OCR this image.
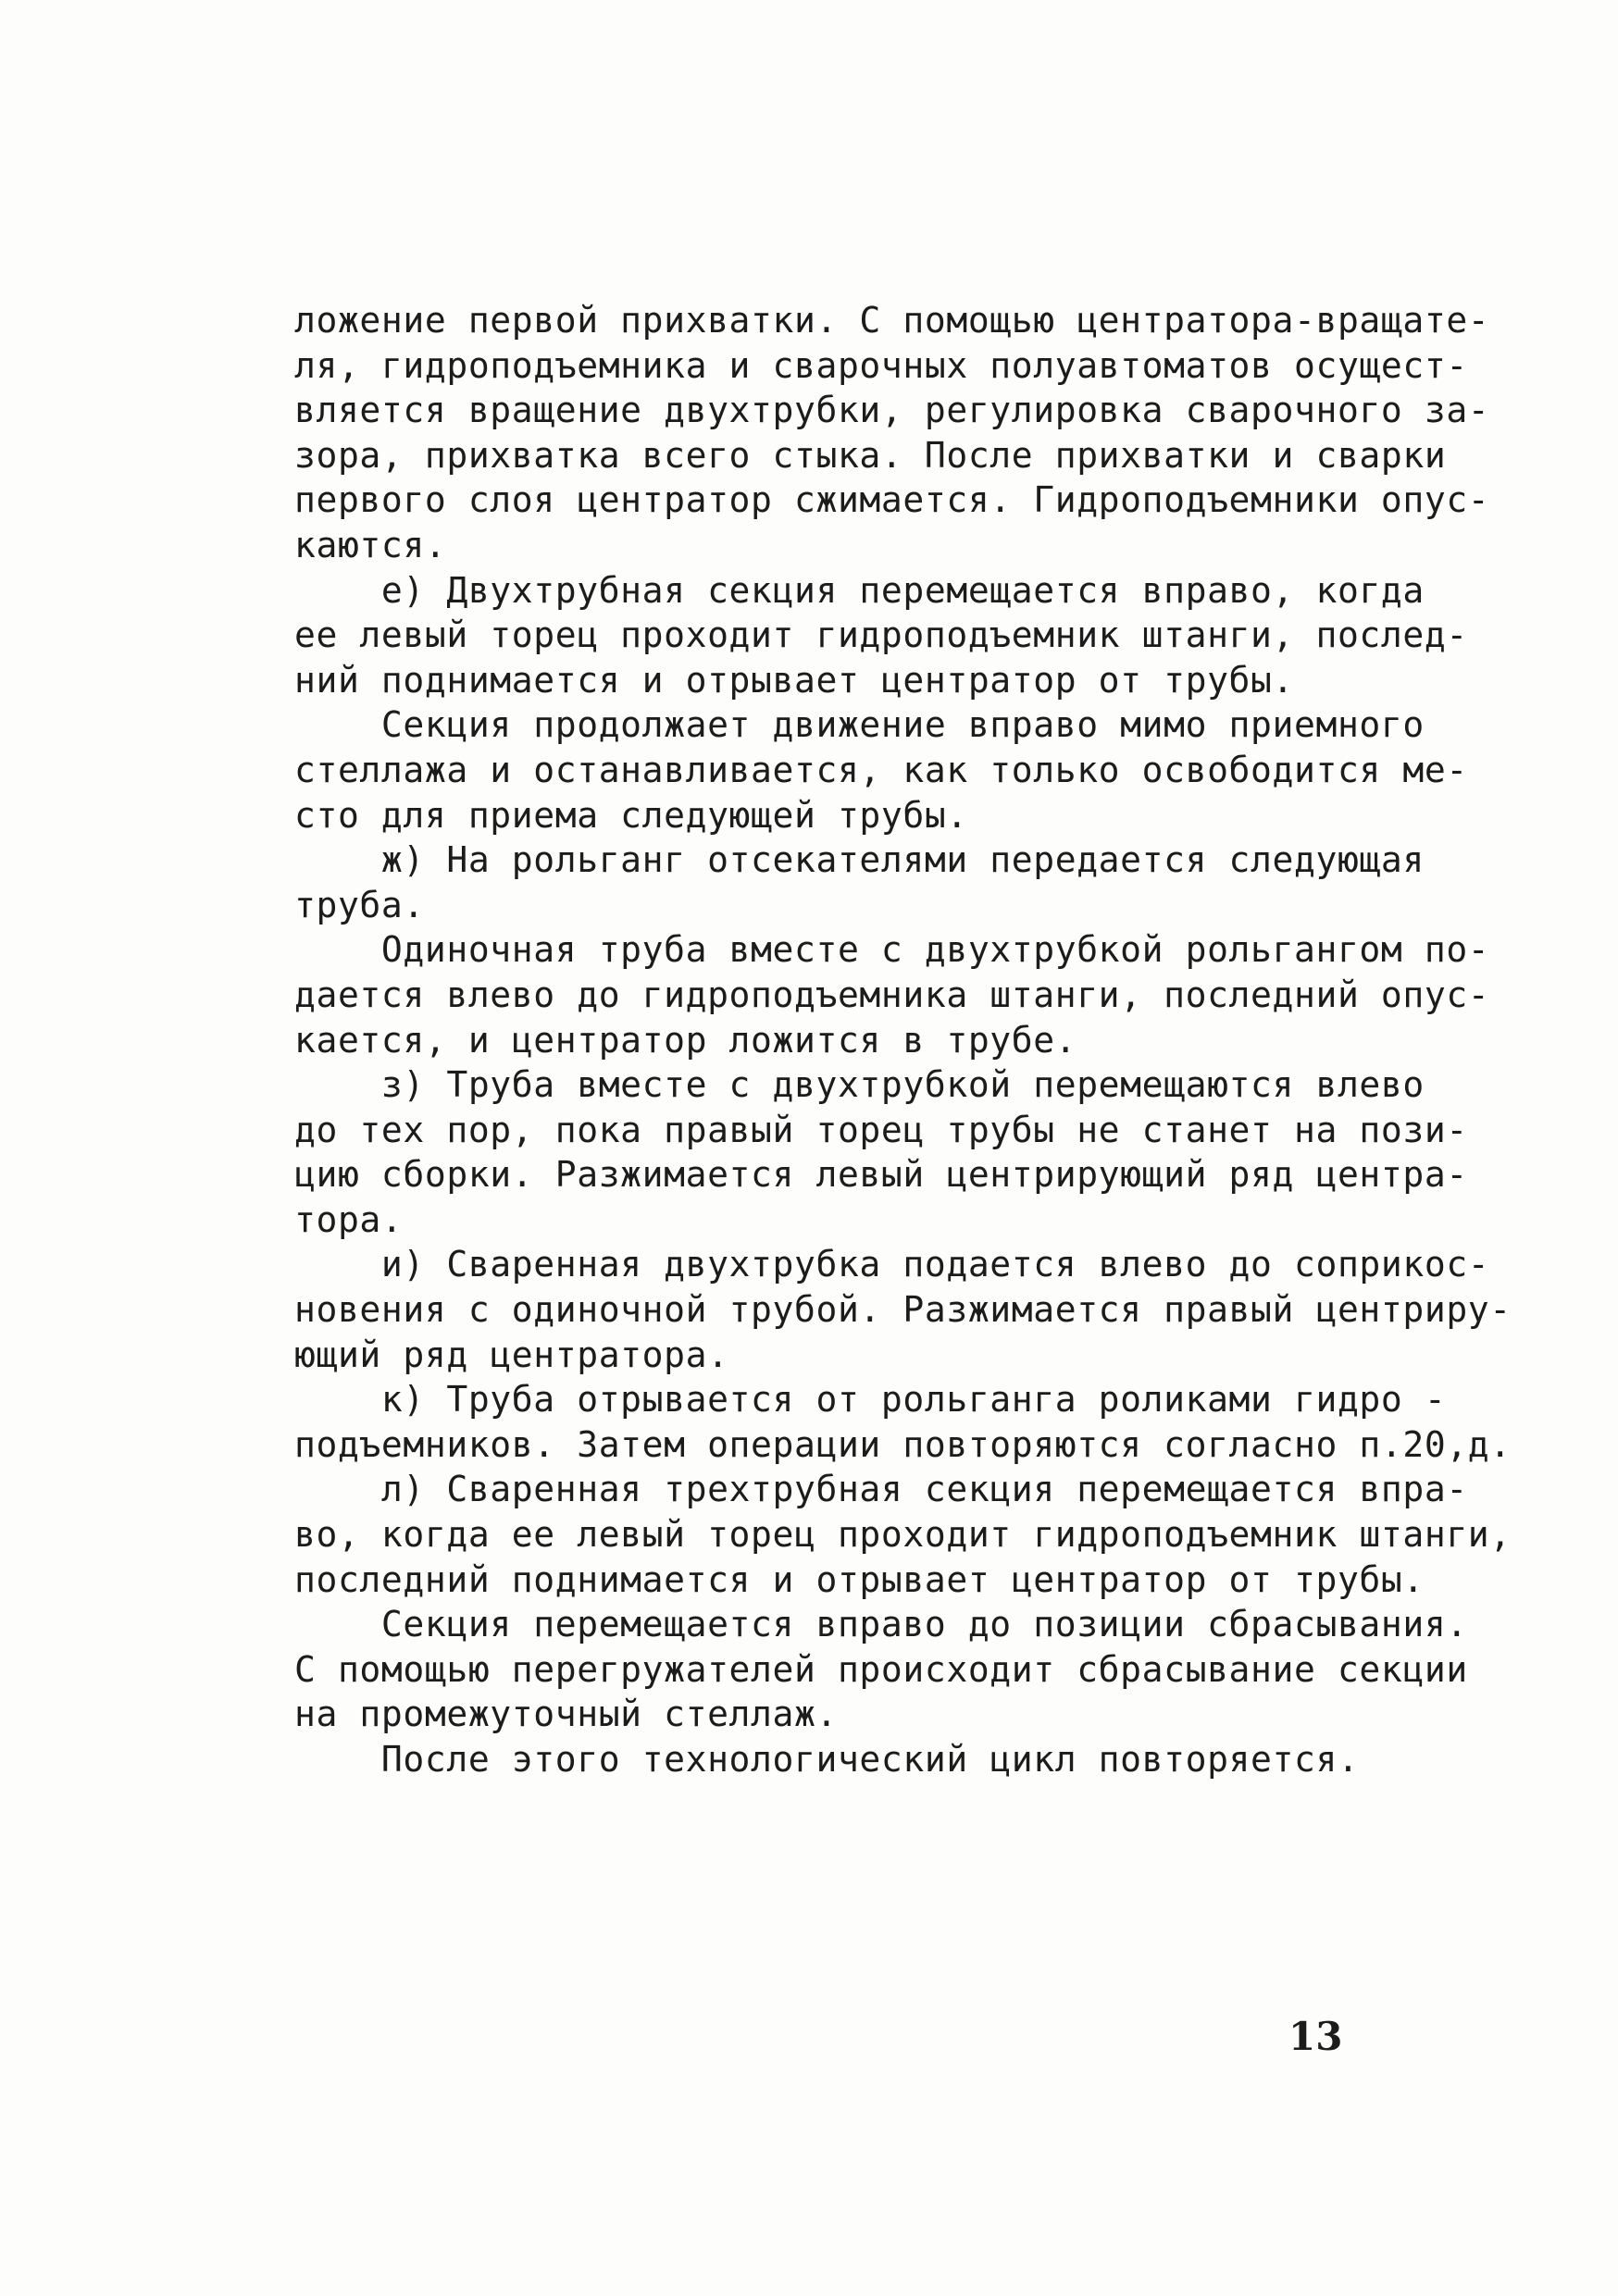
ложение первой прихватки. С помощью центратора-вращате-
ля, гидроподъемника и сварочных полуавтоматов осущест-
вляется вращение двухтрубки, регулировка сварочного за-
зора, прихватка всего стыка. После прихватки и сварки
первого слоя центратор сжимается. Гидроподъемники опус-
каются.
е) Двухтрубная секция перемещается вправо, когда
ее левый торец проходит гидроподъемник штанги, послед-
ний поднимается и отрывает центратор от трубы.
Секция продолжает движение вправо мимо приемного
стеллажа и останавливается, как только освободится ме-
сто для приема следующей трубы.
ж) На рольганг отсекателями передается следующая
труба.
Одиночная труба вместе с двухтрубкой рольгангом по-
дается влево до гидроподъемника штанги, последний опус-
кается, и центратор ложится в трубе.
з) Труба вместе с двухтрубкой перемещаются влево
до тех пор, пока правый торец трубы не станет на пози-
цию сборки. Разжимается левый центрирующий ряд центра-
тора.
и) Сваренная двухтрубка подается влево до соприкос-
новения с одиночной трубой. Разжимается правый центриру-
ющий ряд центратора.
к) Труба отрывается от рольганга роликами гидро -
подъемников. Затем операции повторяются согласно п.20,д.
л) Сваренная трехтрубная секция перемещается впра-
во, когда ее левый торец проходит гидроподъемник штанги,
последний поднимается и отрывает центратор от трубы.
Секция перемещается вправо до позиции сбрасывания.
С помощью перегружателей происходит сбрасывание секции
на промежуточный стеллаж.
После этого технологический цикл повторяется.
13
